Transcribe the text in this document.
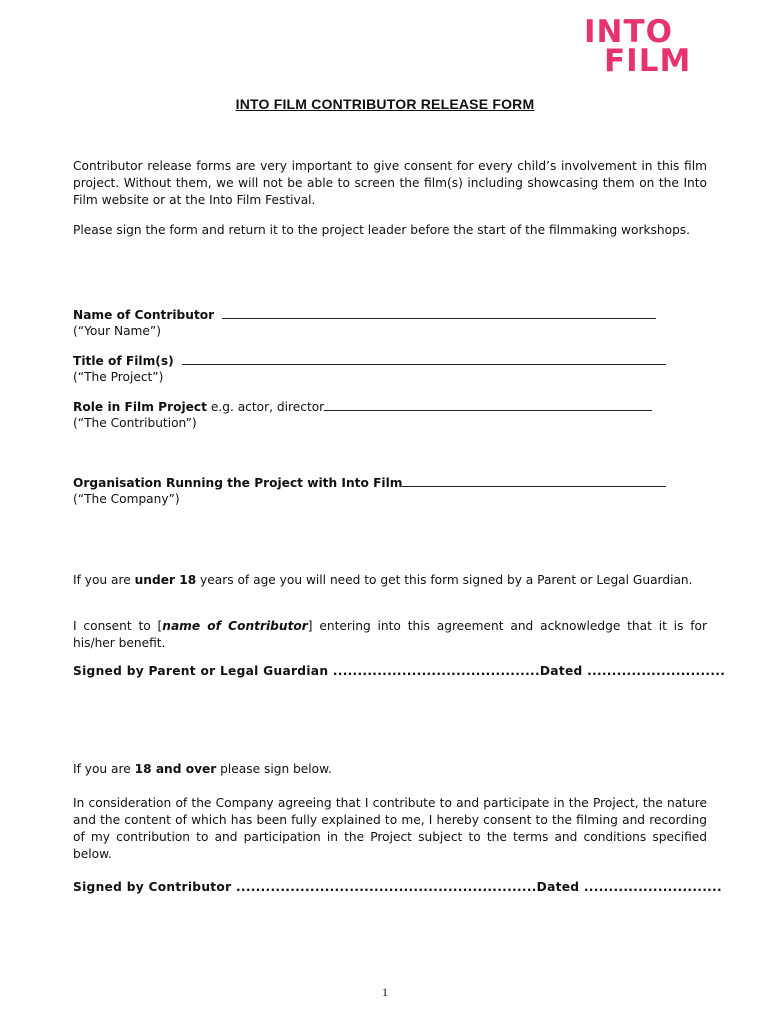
INTO
FILM
INTO FILM CONTRIBUTOR RELEASE FORM

Contributor release forms are very important to give consent for every child’s involvement in this film project. Without them, we will not be able to screen the film(s) including showcasing them on the Into Film website or at the Into Film Festival.

Please sign the form and return it to the project leader before the start of the filmmaking workshops.

Name of Contributor
(“Your Name”)
Title of Film(s)
(“The Project”)
Role in Film Project e.g. actor, director
(“The Contribution”)
Organisation Running the Project with Into Film
(“The Company”)

If you are under 18 years of age you will need to get this form signed by a Parent or Legal Guardian.

I consent to [name of Contributor] entering into this agreement and acknowledge that it is for his/her benefit.

Signed by Parent or Legal Guardian ..........................................Dated ............................

If you are 18 and over please sign below.

In consideration of the Company agreeing that I contribute to and participate in the Project, the nature and the content of which has been fully explained to me, I hereby consent to the filming and recording of my contribution to and participation in the Project subject to the terms and conditions specified below.

Signed by Contributor .............................................................Dated ............................
1
